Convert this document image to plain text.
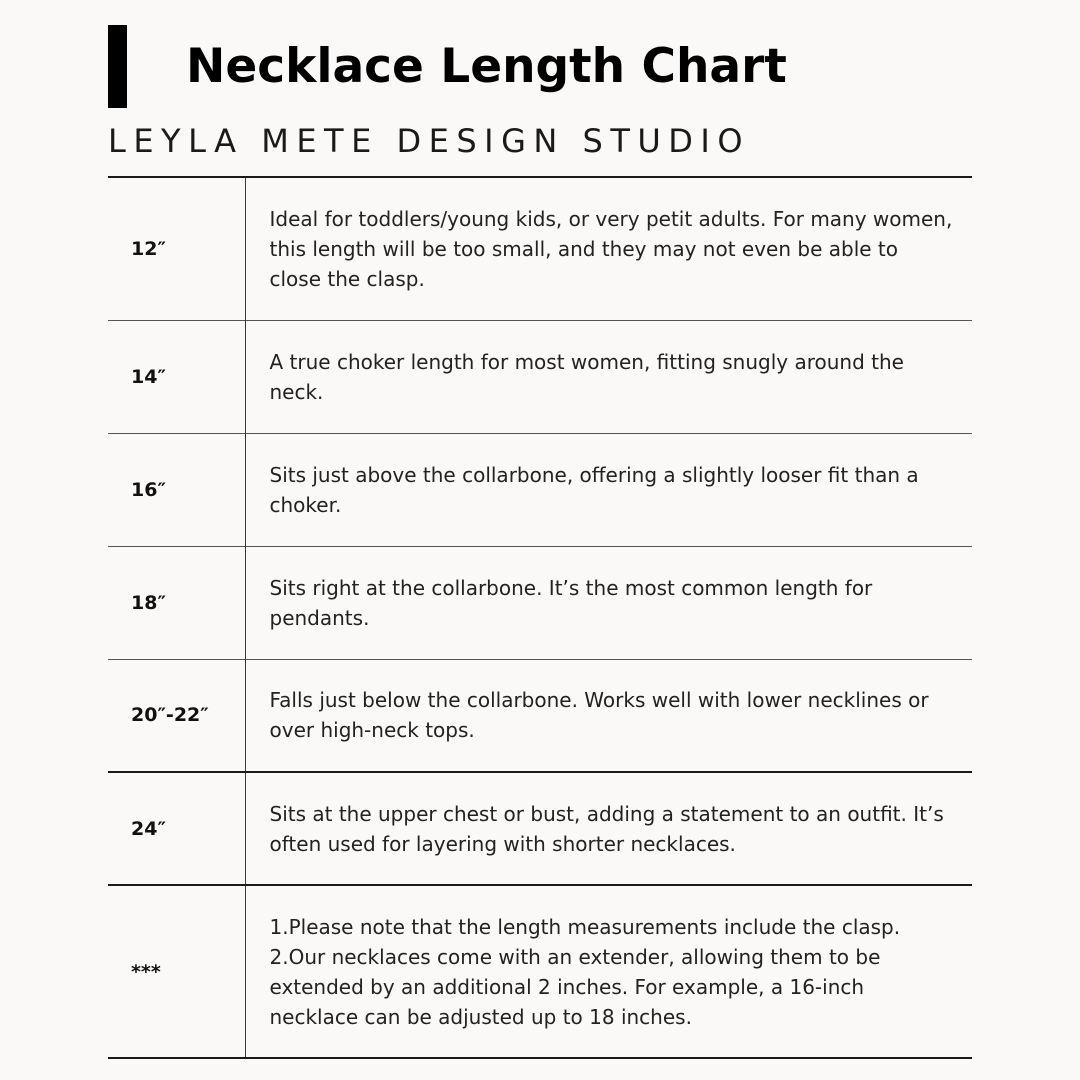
Necklace Length Chart
LEYLA METE DESIGN STUDIO
12″	Ideal for toddlers/young kids, or very petit adults. For many women, this length will be too small, and they may not even be able to close the clasp.
14″	A true choker length for most women, fitting snugly around the neck.
16″	Sits just above the collarbone, offering a slightly looser fit than a choker.
18″	Sits right at the collarbone. It’s the most common length for pendants.
20″-22″	Falls just below the collarbone. Works well with lower necklines or over high-neck tops.
24″	Sits at the upper chest or bust, adding a statement to an outfit. It’s often used for layering with shorter necklaces.
***	1.Please note that the length measurements include the clasp.
2.Our necklaces come with an extender, allowing them to be extended by an additional 2 inches. For example, a 16-inch necklace can be adjusted up to 18 inches.
